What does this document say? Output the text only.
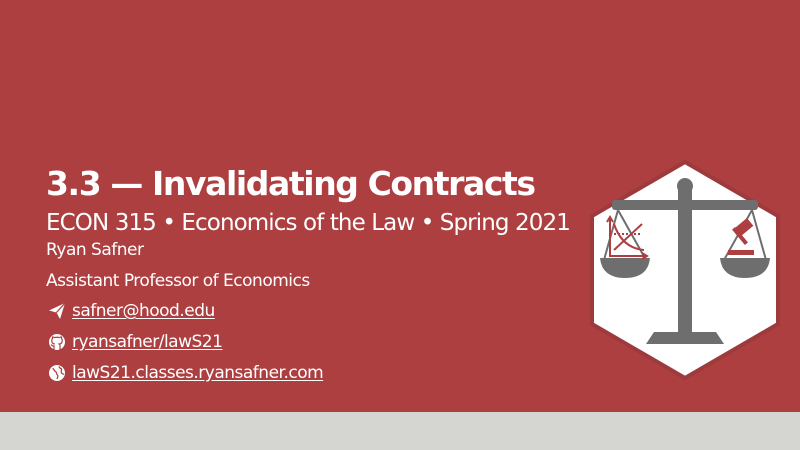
3.3 — Invalidating Contracts
ECON 315 • Economics of the Law • Spring 2021
Ryan Safner
Assistant Professor of Economics
safner@hood.edu
ryansafner/lawS21
lawS21.classes.ryansafner.com
